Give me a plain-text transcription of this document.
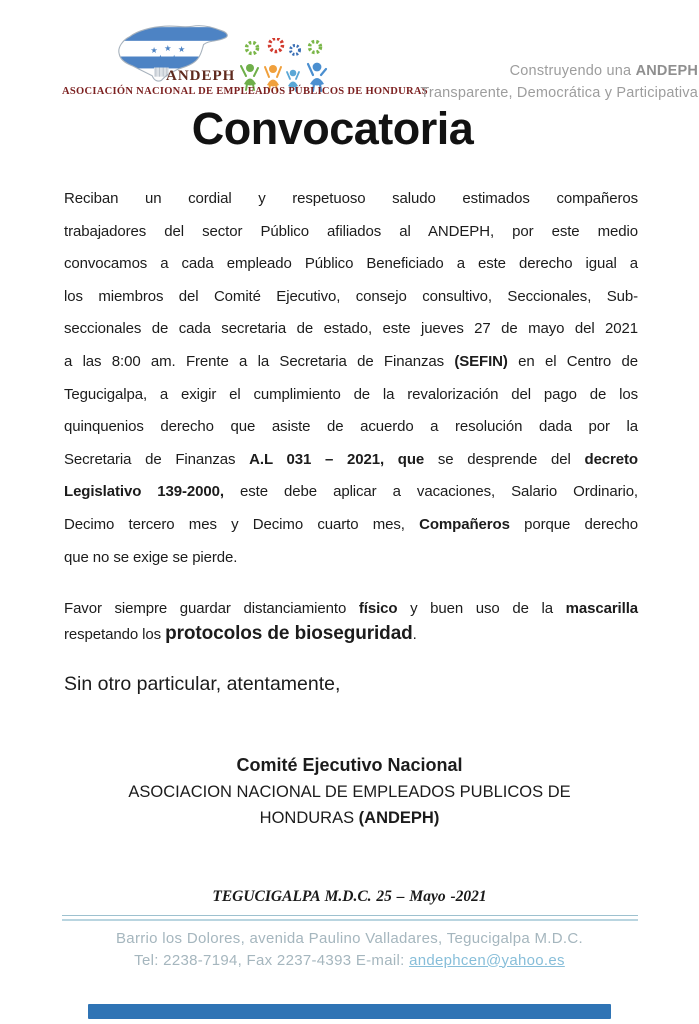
★ ★ ★
★ ★
ANDEPH
ASOCIACIÓN NACIONAL DE EMPLEADOS PÚBLICOS DE HONDURAS
Construyendo una ANDEPH
Transparente, Democrática y Participativa
Convocatoria
Reciban un cordial y respetuoso saludo estimados compañeros
trabajadores del sector Público afiliados al ANDEPH, por este medio
convocamos a cada empleado Público Beneficiado a este derecho igual a
los miembros del Comité Ejecutivo, consejo consultivo, Seccionales, Sub-
seccionales de cada secretaria de estado, este jueves 27 de mayo del 2021
a las 8:00 am. Frente a la Secretaria de Finanzas (SEFIN) en el Centro de
Tegucigalpa, a exigir el cumplimiento de la revalorización del pago de los
quinquenios derecho que asiste de acuerdo a resolución dada por la
Secretaria de Finanzas A.L 031 – 2021, que se desprende del decreto
Legislativo 139-2000, este debe aplicar a vacaciones, Salario Ordinario,
Decimo tercero mes y Decimo cuarto mes, Compañeros porque derecho
que no se exige se pierde.
Favor siempre guardar distanciamiento físico y buen uso de la mascarilla
respetando los protocolos de bioseguridad.
Sin otro particular, atentamente,
Comité Ejecutivo Nacional
ASOCIACION NACIONAL DE EMPLEADOS PUBLICOS DE
HONDURAS (ANDEPH)
TEGUCIGALPA M.D.C. 25 – Mayo -2021
Barrio los Dolores, avenida Paulino Valladares, Tegucigalpa M.D.C.
Tel: 2238-7194, Fax 2237-4393 E-mail: andephcen@yahoo.es
